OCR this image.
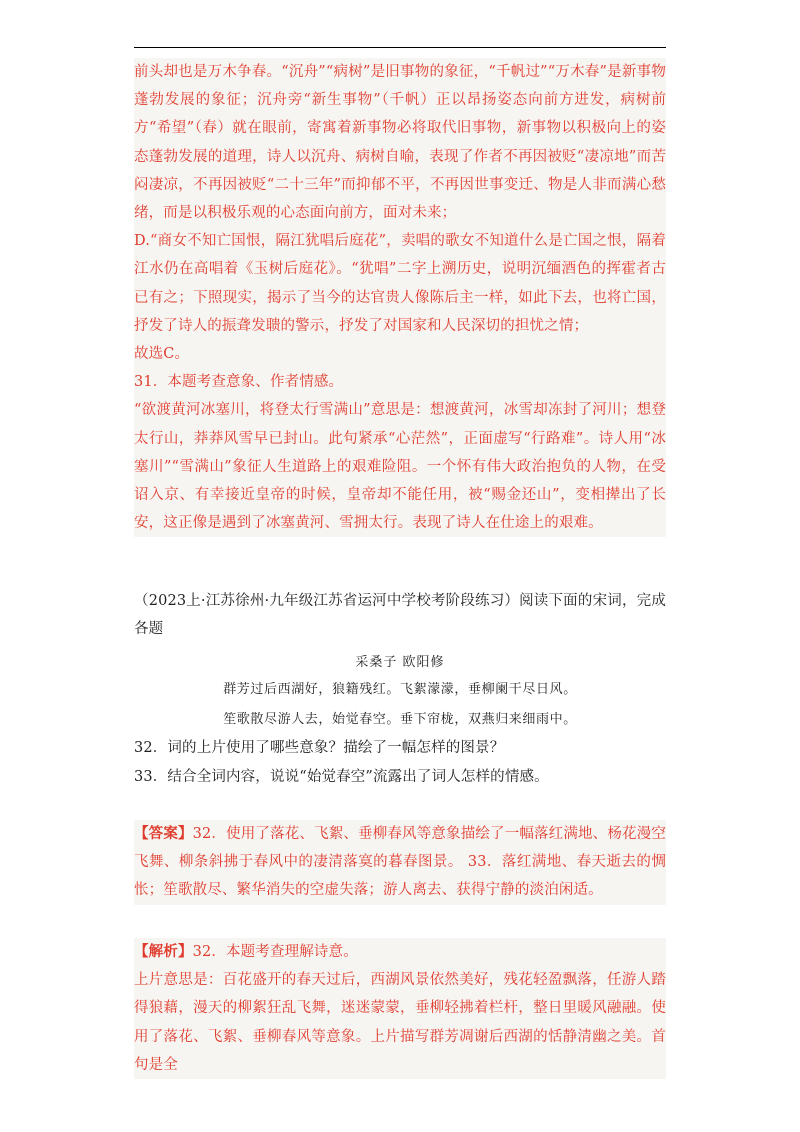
前头却也是万木争春。“沉舟”“病树”是旧事物的象征，“千帆过”“万木春”是新事物蓬勃发展的象征；沉舟旁“新生事物”（千帆）正以昂扬姿态向前方进发，病树前方“希望”（春）就在眼前，寄寓着新事物必将取代旧事物，新事物以积极向上的姿态蓬勃发展的道理，诗人以沉舟、病树自喻，表现了作者不再因被贬“凄凉地”而苦闷凄凉，不再因被贬“二十三年”而抑郁不平，不再因世事变迁、物是人非而满心愁绪，而是以积极乐观的心态面向前方，面对未来；

D.“商女不知亡国恨，隔江犹唱后庭花”，卖唱的歌女不知道什么是亡国之恨，隔着江水仍在高唱着《玉树后庭花》。“犹唱”二字上溯历史，说明沉缅酒色的挥霍者古已有之；下照现实，揭示了当今的达官贵人像陈后主一样，如此下去，也将亡国，抒发了诗人的振聋发聩的警示，抒发了对国家和人民深切的担忧之情；

故选C。

31．本题考查意象、作者情感。

“欲渡黄河冰塞川，将登太行雪满山”意思是：想渡黄河，冰雪却冻封了河川；想登太行山，莽莽风雪早已封山。此句紧承“心茫然”，正面虚写“行路难”。诗人用“冰塞川”“雪满山”象征人生道路上的艰难险阻。一个怀有伟大政治抱负的人物，在受诏入京、有幸接近皇帝的时候，皇帝却不能任用，被“赐金还山”，变相撵出了长安，这正像是遇到了冰塞黄河、雪拥太行。表现了诗人在仕途上的艰难。

（2023上·江苏徐州·九年级江苏省运河中学校考阶段练习）阅读下面的宋词，完成各题

采桑子 欧阳修

群芳过后西湖好，狼籍残红。飞絮濛濛，垂柳阑干尽日风。

笙歌散尽游人去，始觉春空。垂下帘栊，双燕归来细雨中。

32．词的上片使用了哪些意象？描绘了一幅怎样的图景？

33．结合全词内容，说说“始觉春空”流露出了词人怎样的情感。

【答案】32．使用了落花、飞絮、垂柳春风等意象描绘了一幅落红满地、杨花漫空飞舞、柳条斜拂于春风中的凄清落寞的暮春图景。 33．落红满地、春天逝去的惆怅；笙歌散尽、繁华消失的空虚失落；游人离去、获得宁静的淡泊闲适。

【解析】32．本题考查理解诗意。

上片意思是：百花盛开的春天过后，西湖风景依然美好，残花轻盈飘落，任游人踏得狼藉，漫天的柳絮狂乱飞舞，迷迷蒙蒙，垂柳轻拂着栏杆，整日里暖风融融。使用了落花、飞絮、垂柳春风等意象。上片描写群芳凋谢后西湖的恬静清幽之美。首句是全
